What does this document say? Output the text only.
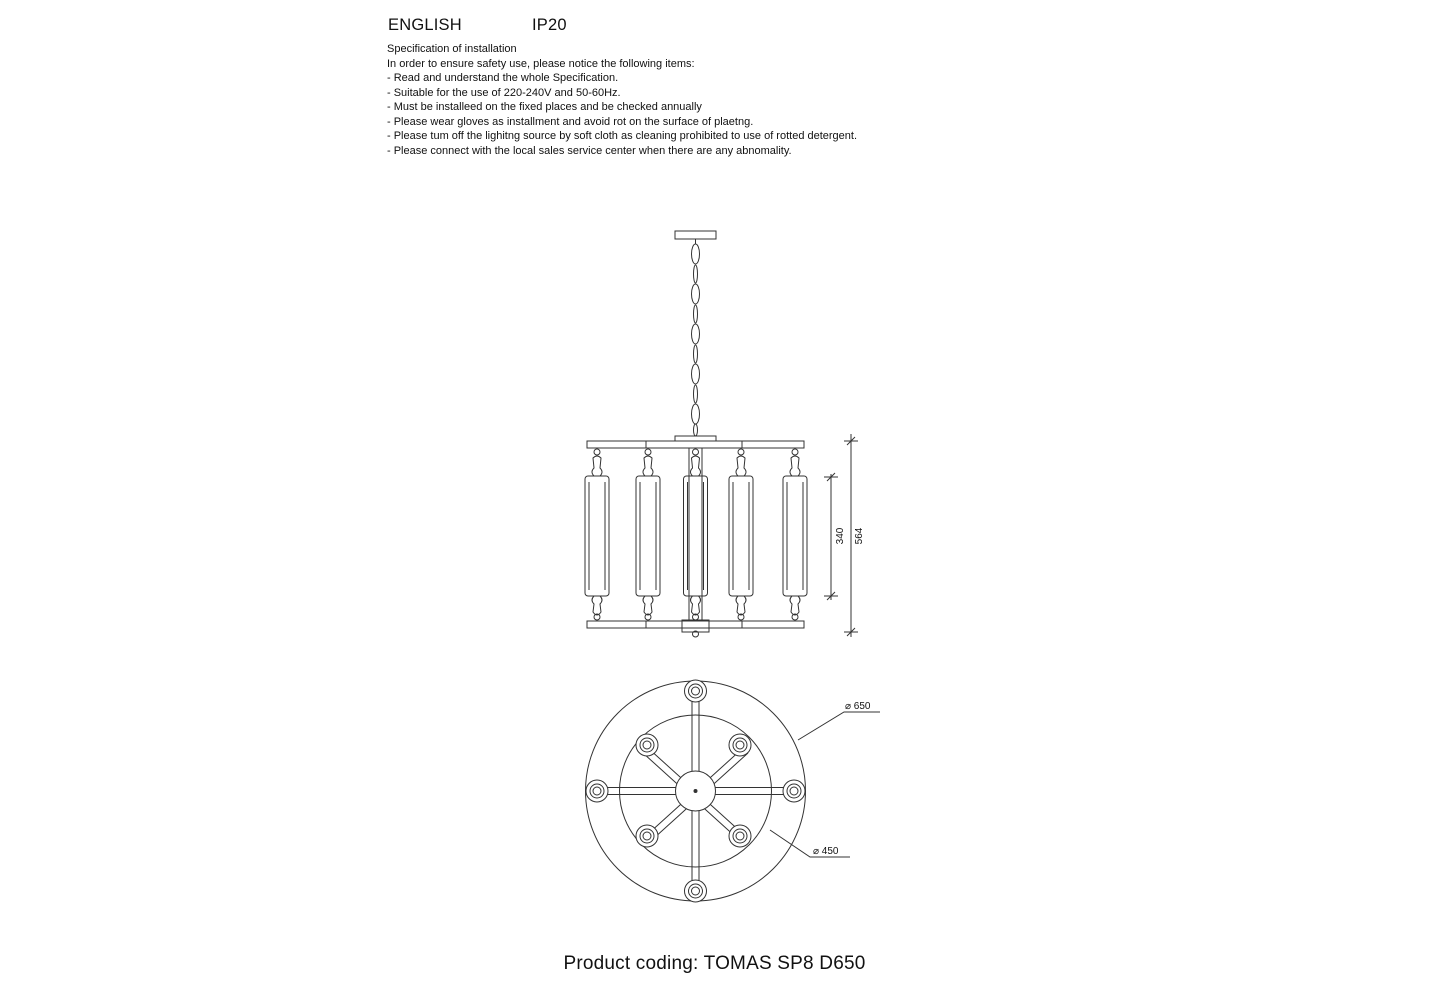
ENGLISH	IP20
Specification of installation
In order to ensure safety use, please notice the following items:
- Read and understand the whole Specification.
- Suitable for the use of 220-240V and 50-60Hz.
- Must be installeed on the fixed places and be checked annually
- Please wear gloves as installment and avoid rot on the surface of plaetng.
- Please tum off the lighitng source by soft cloth as cleaning prohibited to use of rotted detergent.
- Please connect with the local sales service center when there are any abnomality.
340 564
⌀ 650
⌀ 450
Product coding: TOMAS SP8 D650
